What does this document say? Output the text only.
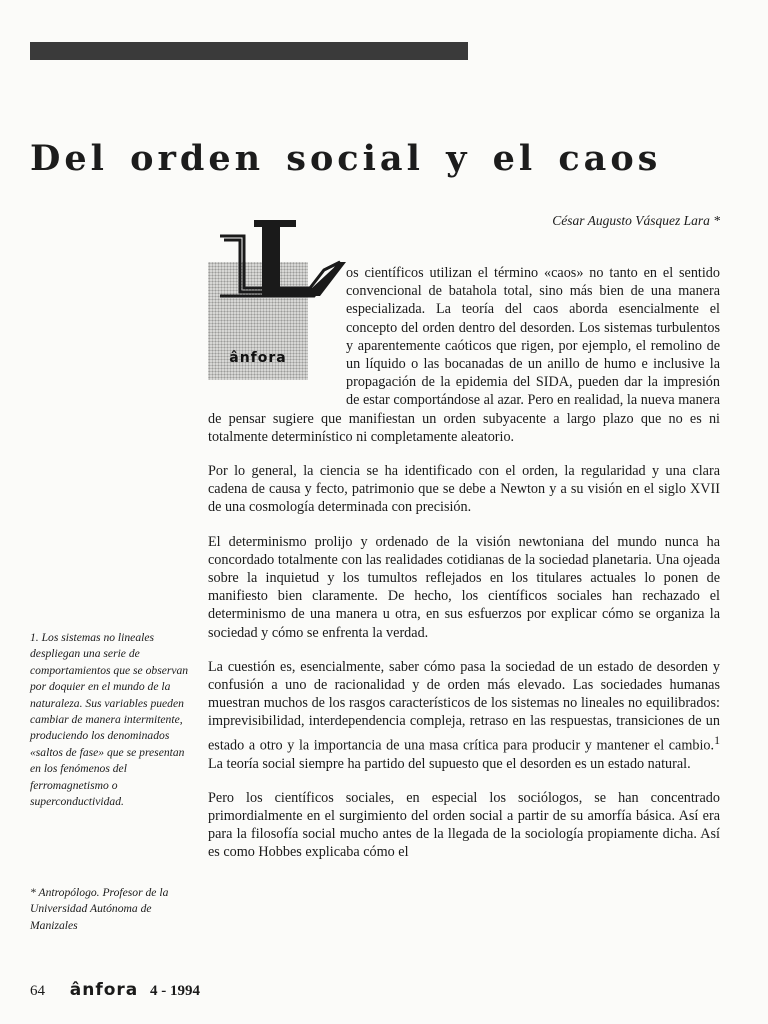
Del orden social y el caos
César Augusto Vásquez Lara *
ânfora

os científicos utilizan el término «caos» no tanto en el sentido convencional de batahola total, sino más bien de una manera especializada. La teoría del caos aborda esencialmente el concepto del orden dentro del desorden. Los sistemas turbulentos y aparentemente caóticos que rigen, por ejemplo, el remolino de un líquido o las bocanadas de un anillo de humo e inclusive la propagación de la epidemia del SIDA, pueden dar la impresión de estar comportándose al azar. Pero en realidad, la nueva manera de pensar sugiere que manifiestan un orden subyacente a largo plazo que no es ni totalmente determinístico ni completamente aleatorio.

Por lo general, la ciencia se ha identificado con el orden, la regularidad y una clara cadena de causa y fecto, patrimonio que se debe a Newton y a su visión en el siglo XVII de una cosmología determinada con precisión.

El determinismo prolijo y ordenado de la visión newtoniana del mundo nunca ha concordado totalmente con las realidades cotidianas de la sociedad planetaria. Una ojeada sobre la inquietud y los tumultos reflejados en los titulares actuales lo ponen de manifiesto bien claramente. De hecho, los científicos sociales han rechazado el determinismo de una manera u otra, en sus esfuerzos por explicar cómo se organiza la sociedad y cómo se enfrenta la verdad.

La cuestión es, esencialmente, saber cómo pasa la sociedad de un estado de desorden y confusión a uno de racionalidad y de orden más elevado. Las sociedades humanas muestran muchos de los rasgos característicos de los sistemas no lineales no equilibrados: imprevisibilidad, interdependencia compleja, retraso en las respuestas, transiciones de un estado a otro y la importancia de una masa crítica para producir y mantener el cambio.$^1$ La teoría social siempre ha partido del supuesto que el desorden es un estado natural.

Pero los científicos sociales, en especial los sociólogos, se han concentrado primordialmente en el surgimiento del orden social a partir de su amorfía básica. Así era para la filosofía social mucho antes de la llegada de la sociología propiamente dicha. Así es como Hobbes explicaba cómo el

1. Los sistemas no lineales despliegan una serie de comportamientos que se observan por doquier en el mundo de la naturaleza. Sus variables pueden cambiar de manera intermitente, produciendo los denominados «saltos de fase» que se presentan en los fenómenos del ferromagnetismo o superconductividad.
* Antropólogo. Profesor de la Universidad Autónoma de Manizales
64 ânfora 4 - 1994
